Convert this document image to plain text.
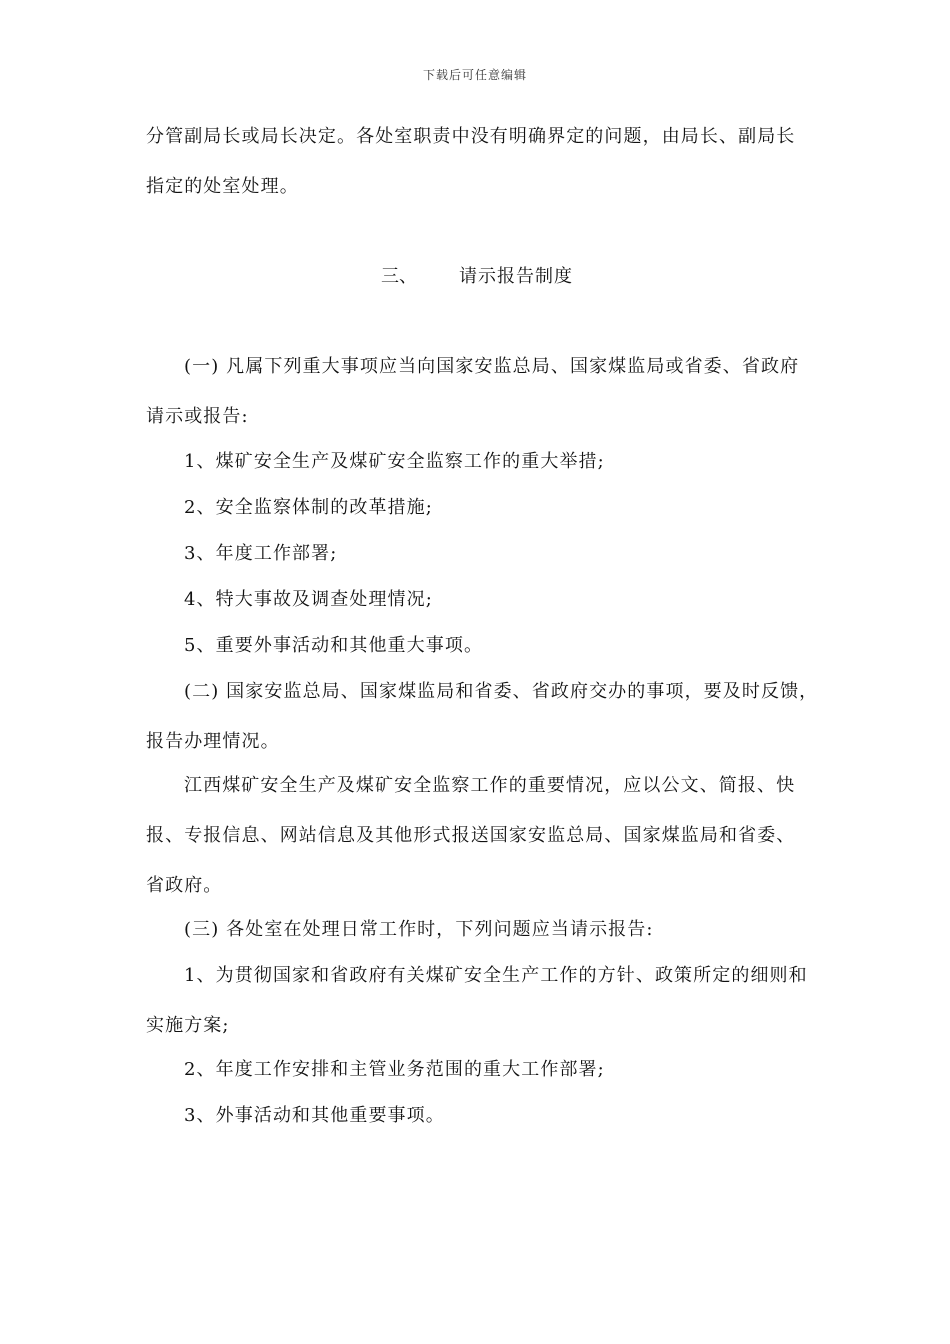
下载后可任意编辑
分管副局长或局长决定。各处室职责中没有明确界定的问题，由局长、副局长
指定的处室处理。
三、 请示报告制度
(一) 凡属下列重大事项应当向国家安监总局、国家煤监局或省委、省政府
请示或报告:
1、煤矿安全生产及煤矿安全监察工作的重大举措;
2、安全监察体制的改革措施;
3、年度工作部署;
4、特大事故及调查处理情况;
5、重要外事活动和其他重大事项。
(二) 国家安监总局、国家煤监局和省委、省政府交办的事项，要及时反馈，
报告办理情况。
江西煤矿安全生产及煤矿安全监察工作的重要情况，应以公文、简报、快
报、专报信息、网站信息及其他形式报送国家安监总局、国家煤监局和省委、
省政府。
(三) 各处室在处理日常工作时，下列问题应当请示报告:
1、为贯彻国家和省政府有关煤矿安全生产工作的方针、政策所定的细则和
实施方案;
2、年度工作安排和主管业务范围的重大工作部署;
3、外事活动和其他重要事项。
